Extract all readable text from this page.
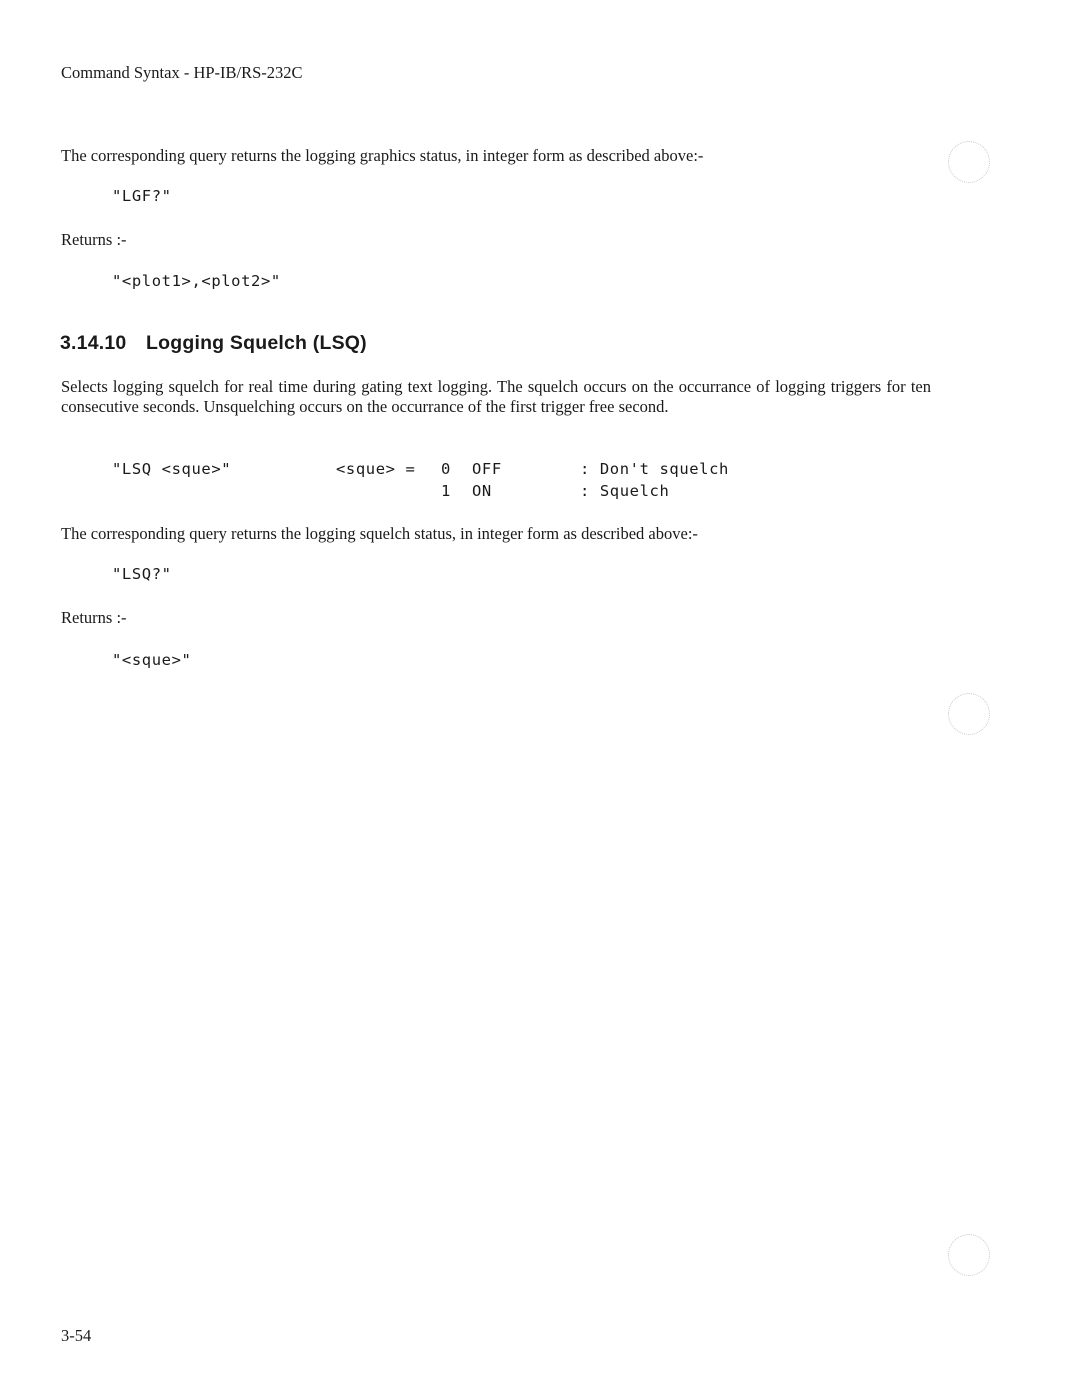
Command Syntax - HP-IB/RS-232C
The corresponding query returns the logging graphics status, in integer form as described above:-
"LGF?"
Returns :-
"<plot1>,<plot2>"
3.14.10 Logging Squelch (LSQ)
Selects logging squelch for real time during gating text logging. The squelch occurs on the occurrance of logging triggers for ten consecutive seconds. Unsquelching occurs on the occurrance of the first trigger free second.
"LSQ <sque>"	<sque> = 0 OFF	: Don't squelch
1 ON	: Squelch
The corresponding query returns the logging squelch status, in integer form as described above:-
"LSQ?"
Returns :-
"<sque>"
3-54
